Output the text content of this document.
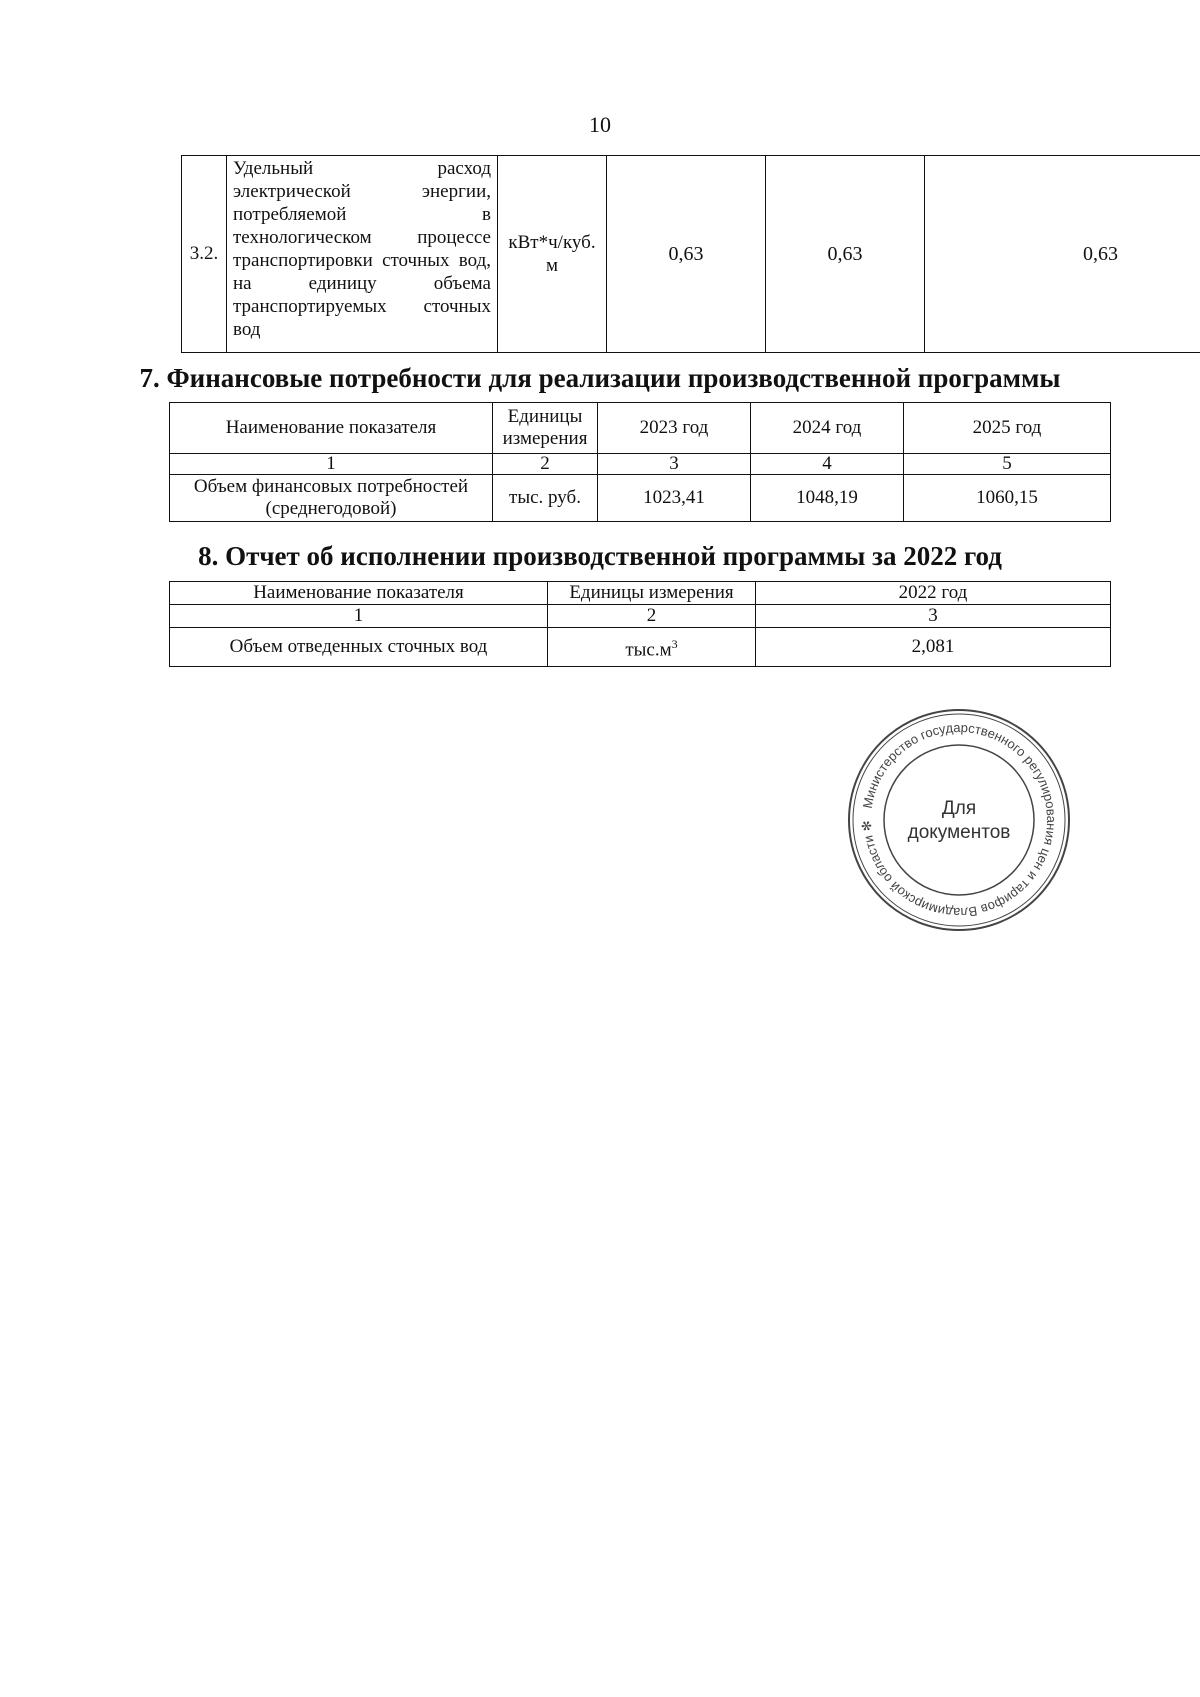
10
3.2.	Удельный расход электрической энергии, потребляемой в технологическом процессе транспортировки сточных вод, на единицу объема транспортируемых сточных вод	кВт*ч/куб.
м	0,63	0,63	0,63
7. Финансовые потребности для реализации производственной программы
Наименование показателя	Единицы измерения	2023 год	2024 год	2025 год
1	2	3	4	5
Объем финансовых потребностей (среднегодовой)	тыс. руб.	1023,41	1048,19	1060,15
8. Отчет об исполнении производственной программы за 2022 год
Наименование показателя	Единицы измерения	2022 год
1	2	3
Объем отведенных сточных вод	$тыс.м^3$	2,081
Министерство государственного регулирования цен и тарифов Владимирской области ✻
Для
документов
